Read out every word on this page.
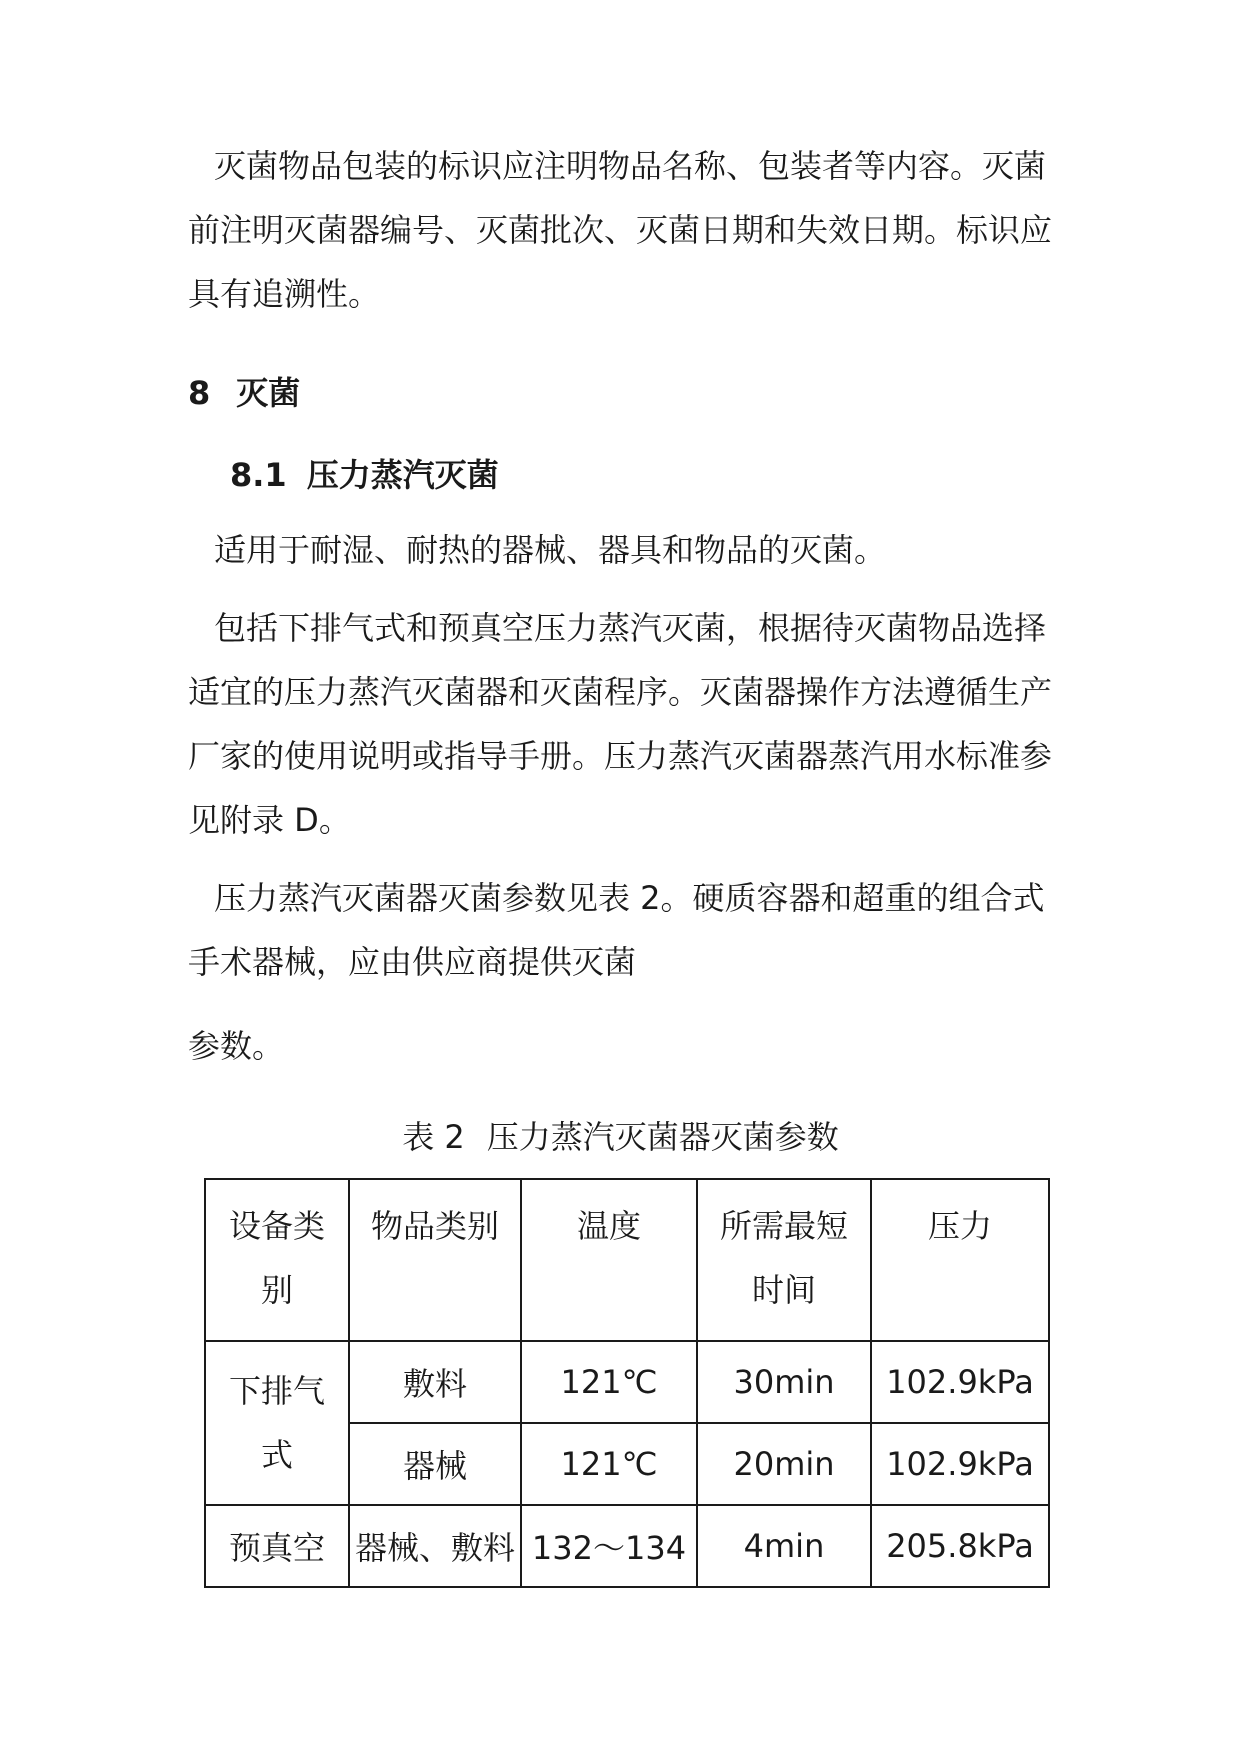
灭菌物品包装的标识应注明物品名称、包装者等内容。灭菌前注明灭菌器编号、灭菌批次、灭菌日期和失效日期。标识应具有追溯性。

8 灭菌
8.1 压力蒸汽灭菌

适用于耐湿、耐热的器械、器具和物品的灭菌。

包括下排气式和预真空压力蒸汽灭菌，根据待灭菌物品选择适宜的压力蒸汽灭菌器和灭菌程序。灭菌器操作方法遵循生产厂家的使用说明或指导手册。压力蒸汽灭菌器蒸汽用水标准参见附录 D。

压力蒸汽灭菌器灭菌参数见表 2。硬质容器和超重的组合式手术器械，应由供应商提供灭菌

参数。

表 2 压力蒸汽灭菌器灭菌参数

设备类别	物品类别	温度	所需最短时间	压力

下排气式	敷料	121℃	30min	102.9kPa
	器械	121℃	20min	102.9kPa
预真空	器械、敷料	132～134	4min	205.8kPa
